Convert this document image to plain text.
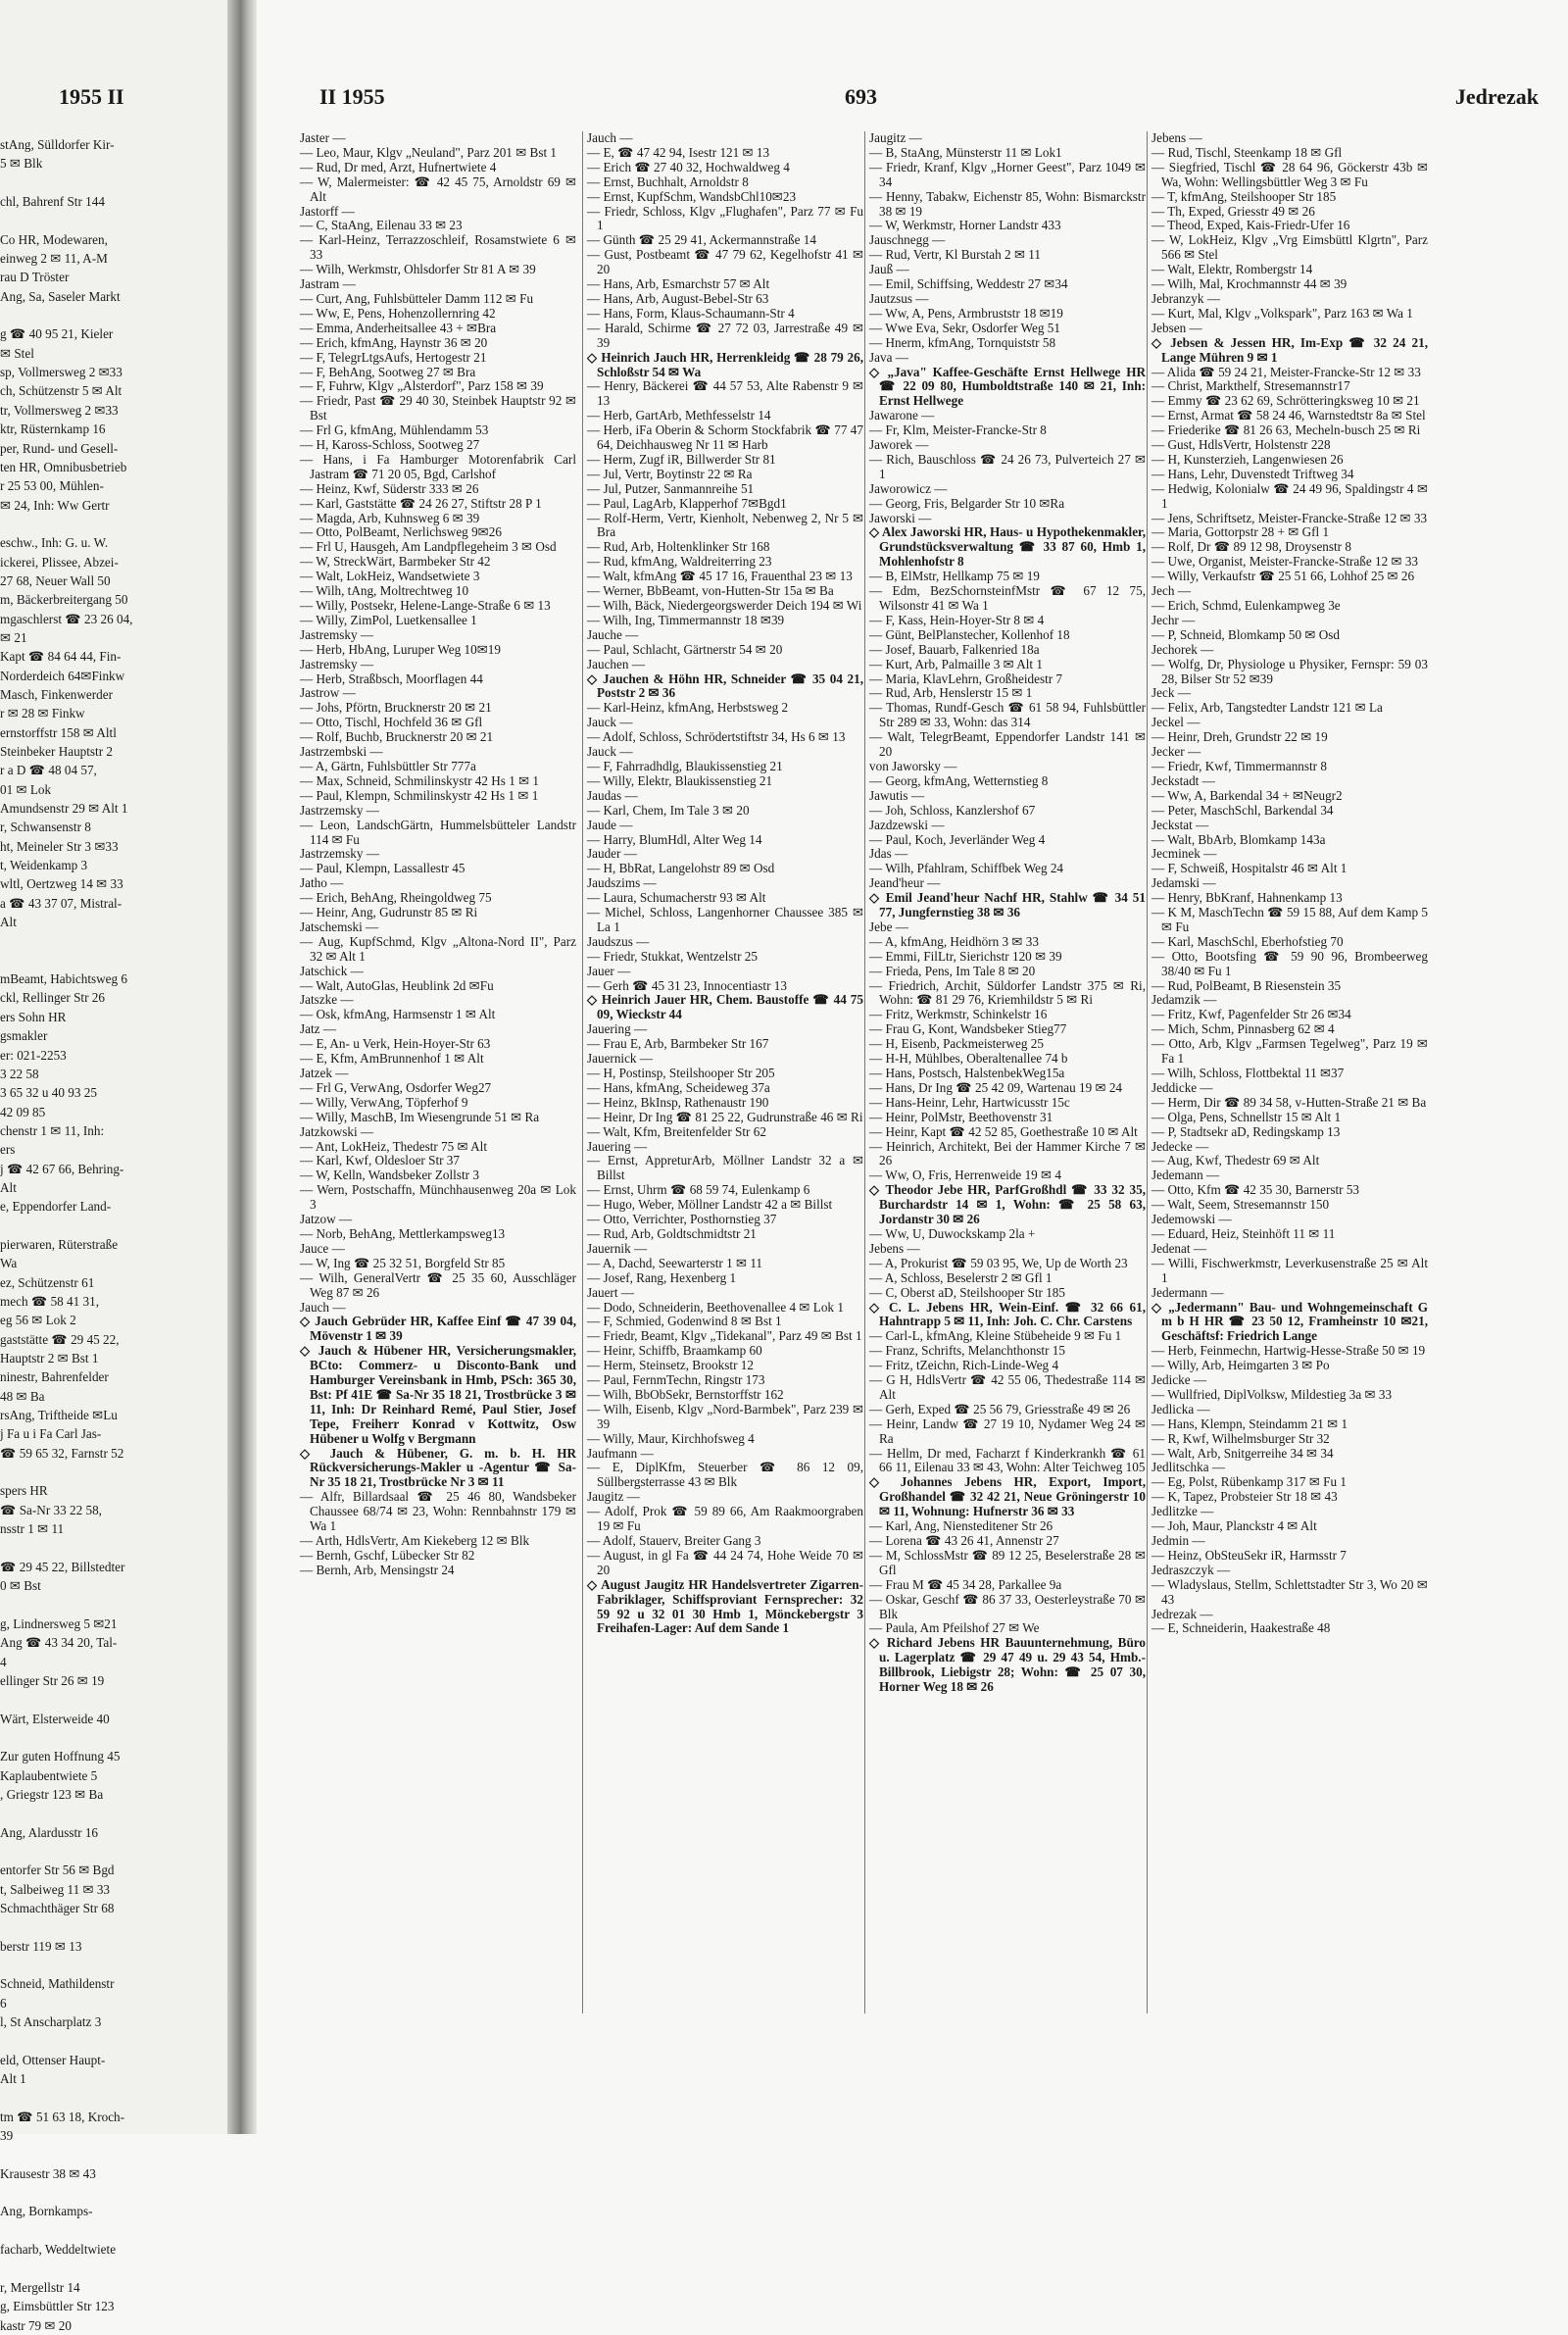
1955 II
stAng, Sülldorfer Kir-
5 ✉ Blk
chl, Bahrenf Str 144
Co HR, Modewaren,
einweg 2 ✉ 11, A-M
rau D Tröster
Ang, Sa, Saseler Markt
g ☎ 40 95 21, Kieler
✉ Stel
sp, Vollmersweg 2 ✉33
ch, Schützenstr 5 ✉ Alt
tr, Vollmersweg 2 ✉33
ktr, Rüsternkamp 16
per, Rund- und Gesell-
ten HR, Omnibusbetrieb
r 25 53 00, Mühlen-
✉ 24, Inh: Ww Gertr
eschw., Inh: G. u. W.
ickerei, Plissee, Abzei-
27 68, Neuer Wall 50
m, Bäckerbreitergang 50
mgaschlerst ☎ 23 26 04,
✉ 21
Kapt ☎ 84 64 44, Fin-
Norderdeich 64✉Finkw
Masch, Finkenwerder
r ✉ 28 ✉ Finkw
ernstorffstr 158 ✉ Altl
Steinbeker Hauptstr 2
r a D ☎ 48 04 57,
01 ✉ Lok
Amundsenstr 29 ✉ Alt 1
r, Schwansenstr 8
ht, Meineler Str 3 ✉33
t, Weidenkamp 3
wltl, Oertzweg 14 ✉ 33
a ☎ 43 37 07, Mistral-
Alt
mBeamt, Habichtsweg 6
ckl, Rellinger Str 26
ers Sohn HR
gsmakler
er: 021-2253
3 22 58
3 65 32 u 40 93 25
42 09 85
chenstr 1 ✉ 11, Inh:
ers
j ☎ 42 67 66, Behring-
Alt
e, Eppendorfer Land-
pierwaren, Rüterstraße
Wa
ez, Schützenstr 61
mech ☎ 58 41 31,
eg 56 ✉ Lok 2
gaststätte ☎ 29 45 22,
Hauptstr 2 ✉ Bst 1
ninestr, Bahrenfelder
48 ✉ Ba
rsAng, Triftheide ✉Lu
j Fa u i Fa Carl Jas-
☎ 59 65 32, Farnstr 52
spers HR
☎ Sa-Nr 33 22 58,
nsstr 1 ✉ 11
☎ 29 45 22, Billstedter
0 ✉ Bst
g, Lindnersweg 5 ✉21
Ang ☎ 43 34 20, Tal-
4
ellinger Str 26 ✉ 19
Wärt, Elsterweide 40
Zur guten Hoffnung 45
Kaplaubentwiete 5
, Griegstr 123 ✉ Ba
Ang, Alardusstr 16
entorfer Str 56 ✉ Bgd
t, Salbeiweg 11 ✉ 33
Schmachthäger Str 68
berstr 119 ✉ 13
Schneid, Mathildenstr
6
l, St Anscharplatz 3
eld, Ottenser Haupt-
Alt 1
tm ☎ 51 63 18, Kroch-
39
Krausestr 38 ✉ 43
Ang, Bornkamps-
facharb, Weddeltwiete
r, Mergellstr 14
g, Eimsbüttler Str 123
kastr 79 ✉ 20
II 1955	693	Jedrezak
Jaster —
— Leo, Maur, Klgv „Neuland", Parz 201 ✉ Bst 1
— Rud, Dr med, Arzt, Hufnertwiete 4
— W, Malermeister: ☎ 42 45 75, Arnoldstr 69 ✉ Alt
Jastorff —
— C, StaAng, Eilenau 33 ✉ 23
— Karl-Heinz, Terrazzoschleif, Rosamstwiete 6 ✉ 33
— Wilh, Werkmstr, Ohlsdorfer Str 81 A ✉ 39
Jastram —
— Curt, Ang, Fuhlsbütteler Damm 112 ✉ Fu
— Ww, E, Pens, Hohenzollernring 42
— Emma, Anderheitsallee 43 + ✉Bra
— Erich, kfmAng, Haynstr 36 ✉ 20
— F, TelegrLtgsAufs, Hertogestr 21
— F, BehAng, Sootweg 27 ✉ Bra
— F, Fuhrw, Klgv „Alsterdorf", Parz 158 ✉ 39
— Friedr, Past ☎ 29 40 30, Steinbek Hauptstr 92 ✉ Bst
— Frl G, kfmAng, Mühlendamm 53
— H, Kaross-Schloss, Sootweg 27
— Hans, i Fa Hamburger Motorenfabrik Carl Jastram ☎ 71 20 05, Bgd, Carlshof
— Heinz, Kwf, Süderstr 333 ✉ 26
— Karl, Gaststätte ☎ 24 26 27, Stiftstr 28 P 1
— Magda, Arb, Kuhnsweg 6 ✉ 39
— Otto, PolBeamt, Nerlichsweg 9✉26
— Frl U, Hausgeh, Am Landpflegeheim 3 ✉ Osd
— W, StreckWärt, Barmbeker Str 42
— Walt, LokHeiz, Wandsetwiete 3
— Wilh, tAng, Moltrechtweg 10
— Willy, Postsekr, Helene-Lange-Straße 6 ✉ 13
— Willy, ZimPol, Luetkensallee 1
Jastremsky —
— Herb, HbAng, Luruper Weg 10✉19
Jastremsky —
— Herb, Straßbsch, Moorflagen 44
Jastrow —
— Johs, Pförtn, Brucknerstr 20 ✉ 21
— Otto, Tischl, Hochfeld 36 ✉ Gfl
— Rolf, Buchb, Brucknerstr 20 ✉ 21
Jastrzembski —
— A, Gärtn, Fuhlsbüttler Str 777a
— Max, Schneid, Schmilinskystr 42 Hs 1 ✉ 1
— Paul, Klempn, Schmilinskystr 42 Hs 1 ✉ 1
Jastrzemsky —
— Leon, LandschGärtn, Hummelsbütteler Landstr 114 ✉ Fu
Jastrzemsky —
— Paul, Klempn, Lassallestr 45
Jatho —
— Erich, BehAng, Rheingoldweg 75
— Heinr, Ang, Gudrunstr 85 ✉ Ri
Jatschemski —
— Aug, KupfSchmd, Klgv „Altona-Nord II", Parz 32 ✉ Alt 1
Jatschick —
— Walt, AutoGlas, Heublink 2d ✉Fu
Jatszke —
— Osk, kfmAng, Harmsenstr 1 ✉ Alt
Jatz —
— E, An- u Verk, Hein-Hoyer-Str 63
— E, Kfm, AmBrunnenhof 1 ✉ Alt
Jatzek —
— Frl G, VerwAng, Osdorfer Weg27
— Willy, VerwAng, Töpferhof 9
— Willy, MaschB, Im Wiesengrunde 51 ✉ Ra
Jatzkowski —
— Ant, LokHeiz, Thedestr 75 ✉ Alt
— Karl, Kwf, Oldesloer Str 37
— W, Kelln, Wandsbeker Zollstr 3
— Wern, Postschaffn, Münchhausenweg 20a ✉ Lok 3
Jatzow —
— Norb, BehAng, Mettlerkampsweg13
Jauce —
— W, Ing ☎ 25 32 51, Borgfeld Str 85
— Wilh, GeneralVertr ☎ 25 35 60, Ausschläger Weg 87 ✉ 26
Jauch —
◇ Jauch Gebrüder HR, Kaffee Einf ☎ 47 39 04, Mövenstr 1 ✉ 39
◇ Jauch & Hübener HR, Versicherungsmakler, BCto: Commerz- u Disconto-Bank und Hamburger Vereinsbank in Hmb, PSch: 365 30, Bst: Pf 41E ☎ Sa-Nr 35 18 21, Trostbrücke 3 ✉ 11, Inh: Dr Reinhard Remé, Paul Stier, Josef Tepe, Freiherr Konrad v Kottwitz, Osw Hübener u Wolfg v Bergmann
◇ Jauch & Hübener, G. m. b. H. HR Rückversicherungs-Makler u -Agentur ☎ Sa-Nr 35 18 21, Trostbrücke Nr 3 ✉ 11
— Alfr, Billardsaal ☎ 25 46 80, Wandsbeker Chaussee 68/74 ✉ 23, Wohn: Rennbahnstr 179 ✉ Wa 1
— Arth, HdlsVertr, Am Kiekeberg 12 ✉ Blk
— Bernh, Gschf, Lübecker Str 82
— Bernh, Arb, Mensingstr 24
Jauch —
— E, ☎ 47 42 94, Isestr 121 ✉ 13
— Erich ☎ 27 40 32, Hochwaldweg 4
— Ernst, Buchhalt, Arnoldstr 8
— Ernst, KupfSchm, WandsbChl10✉23
— Friedr, Schloss, Klgv „Flughafen", Parz 77 ✉ Fu 1
— Günth ☎ 25 29 41, Ackermannstraße 14
— Gust, Postbeamt ☎ 47 79 62, Kegelhofstr 41 ✉ 20
— Hans, Arb, Esmarchstr 57 ✉ Alt
— Hans, Arb, August-Bebel-Str 63
— Hans, Form, Klaus-Schaumann-Str 4
— Harald, Schirme ☎ 27 72 03, Jarrestraße 49 ✉ 39
◇ Heinrich Jauch HR, Herrenkleidg ☎ 28 79 26, Schloßstr 54 ✉ Wa
— Henry, Bäckerei ☎ 44 57 53, Alte Rabenstr 9 ✉ 13
— Herb, GartArb, Methfesselstr 14
— Herb, iFa Oberin & Schorm Stockfabrik ☎ 77 47 64, Deichhausweg Nr 11 ✉ Harb
— Herm, Zugf iR, Billwerder Str 81
— Jul, Vertr, Boytinstr 22 ✉ Ra
— Jul, Putzer, Sanmannreihe 51
— Paul, LagArb, Klapperhof 7✉Bgd1
— Rolf-Herm, Vertr, Kienholt, Nebenweg 2, Nr 5 ✉ Bra
— Rud, Arb, Holtenklinker Str 168
— Rud, kfmAng, Waldreiterring 23
— Walt, kfmAng ☎ 45 17 16, Frauenthal 23 ✉ 13
— Werner, BbBeamt, von-Hutten-Str 15a ✉ Ba
— Wilh, Bäck, Niedergeorgswerder Deich 194 ✉ Wi
— Wilh, Ing, Timmermannstr 18 ✉39
Jauche —
— Paul, Schlacht, Gärtnerstr 54 ✉ 20
Jauchen —
◇ Jauchen & Höhn HR, Schneider ☎ 35 04 21, Poststr 2 ✉ 36
— Karl-Heinz, kfmAng, Herbstsweg 2
Jauck —
— Adolf, Schloss, Schrödertstiftstr 34, Hs 6 ✉ 13
Jauck —
— F, Fahrradhdlg, Blaukissenstieg 21
— Willy, Elektr, Blaukissenstieg 21
Jaudas —
— Karl, Chem, Im Tale 3 ✉ 20
Jaude —
— Harry, BlumHdl, Alter Weg 14
Jauder —
— H, BbRat, Langelohstr 89 ✉ Osd
Jaudszims —
— Laura, Schumacherstr 93 ✉ Alt
— Michel, Schloss, Langenhorner Chaussee 385 ✉ La 1
Jaudszus —
— Friedr, Stukkat, Wentzelstr 25
Jauer —
— Gerh ☎ 45 31 23, Innocentiastr 13
◇ Heinrich Jauer HR, Chem. Baustoffe ☎ 44 75 09, Wieckstr 44
Jauering —
— Frau E, Arb, Barmbeker Str 167
Jauernick —
— H, Postinsp, Steilshooper Str 205
— Hans, kfmAng, Scheideweg 37a
— Heinz, BkInsp, Rathenaustr 190
— Heinr, Dr Ing ☎ 81 25 22, Gudrunstraße 46 ✉ Ri
— Walt, Kfm, Breitenfelder Str 62
Jauering —
— Ernst, AppreturArb, Möllner Landstr 32 a ✉ Billst
— Ernst, Uhrm ☎ 68 59 74, Eulenkamp 6
— Hugo, Weber, Möllner Landstr 42 a ✉ Billst
— Otto, Verrichter, Posthornstieg 37
— Rud, Arb, Goldtschmidtstr 21
Jauernik —
— A, Dachd, Seewarterstr 1 ✉ 11
— Josef, Rang, Hexenberg 1
Jauert —
— Dodo, Schneiderin, Beethovenallee 4 ✉ Lok 1
— F, Schmied, Godenwind 8 ✉ Bst 1
— Friedr, Beamt, Klgv „Tidekanal", Parz 49 ✉ Bst 1
— Heinr, Schiffb, Braamkamp 60
— Herm, Steinsetz, Brookstr 12
— Paul, FernmTechn, Ringstr 173
— Wilh, BbObSekr, Bernstorffstr 162
— Wilh, Eisenb, Klgv „Nord-Barmbek", Parz 239 ✉ 39
— Willy, Maur, Kirchhofsweg 4
Jaufmann —
— E, DiplKfm, Steuerber ☎ 86 12 09, Süllbergsterrasse 43 ✉ Blk
Jaugitz —
— Adolf, Prok ☎ 59 89 66, Am Raakmoorgraben 19 ✉ Fu
— Adolf, Stauerv, Breiter Gang 3
— August, in gl Fa ☎ 44 24 74, Hohe Weide 70 ✉ 20
◇ August Jaugitz HR Handelsvertreter Zigarren-Fabriklager, Schiffsproviant Fernsprecher: 32 59 92 u 32 01 30 Hmb 1, Mönckebergstr 3 Freihafen-Lager: Auf dem Sande 1
Jaugitz —
— B, StaAng, Münsterstr 11 ✉ Lok1
— Friedr, Kranf, Klgv „Horner Geest", Parz 1049 ✉ 34
— Henny, Tabakw, Eichenstr 85, Wohn: Bismarckstr 38 ✉ 19
— W, Werkmstr, Horner Landstr 433
Jauschnegg —
— Rud, Vertr, Kl Burstah 2 ✉ 11
Jauß —
— Emil, Schiffsing, Weddestr 27 ✉34
Jautzsus —
— Ww, A, Pens, Armbruststr 18 ✉19
— Wwe Eva, Sekr, Osdorfer Weg 51
— Hnerm, kfmAng, Tornquiststr 58
Java —
◇ „Java" Kaffee-Geschäfte Ernst Hellwege HR ☎ 22 09 80, Humboldtstraße 140 ✉ 21, Inh: Ernst Hellwege
Jawarone —
— Fr, Klm, Meister-Francke-Str 8
Jaworek —
— Rich, Bauschloss ☎ 24 26 73, Pulverteich 27 ✉ 1
Jaworowicz —
— Georg, Fris, Belgarder Str 10 ✉Ra
Jaworski —
◇ Alex Jaworski HR, Haus- u Hypothekenmakler, Grundstücksverwaltung ☎ 33 87 60, Hmb 1, Mohlenhofstr 8
— B, ElMstr, Hellkamp 75 ✉ 19
— Edm, BezSchornsteinfMstr ☎ 67 12 75, Wilsonstr 41 ✉ Wa 1
— F, Kass, Hein-Hoyer-Str 8 ✉ 4
— Günt, BelPlanstecher, Kollenhof 18
— Josef, Bauarb, Falkenried 18a
— Kurt, Arb, Palmaille 3 ✉ Alt 1
— Maria, KlavLehrn, Großheidestr 7
— Rud, Arb, Henslerstr 15 ✉ 1
— Thomas, Rundf-Gesch ☎ 61 58 94, Fuhlsbüttler Str 289 ✉ 33, Wohn: das 314
— Walt, TelegrBeamt, Eppendorfer Landstr 141 ✉ 20
von Jaworsky —
— Georg, kfmAng, Wetternstieg 8
Jawutis —
— Joh, Schloss, Kanzlershof 67
Jazdzewski —
— Paul, Koch, Jeverländer Weg 4
Jdas —
— Wilh, Pfahlram, Schiffbek Weg 24
Jeand'heur —
◇ Emil Jeand'heur Nachf HR, Stahlw ☎ 34 51 77, Jungfernstieg 38 ✉ 36
Jebe —
— A, kfmAng, Heidhörn 3 ✉ 33
— Emmi, FilLtr, Sierichstr 120 ✉ 39
— Frieda, Pens, Im Tale 8 ✉ 20
— Friedrich, Archit, Süldorfer Landstr 375 ✉ Ri, Wohn: ☎ 81 29 76, Kriemhildstr 5 ✉ Ri
— Fritz, Werkmstr, Schinkelstr 16
— Frau G, Kont, Wandsbeker Stieg77
— H, Eisenb, Packmeisterweg 25
— H-H, Mühlbes, Oberaltenallee 74 b
— Hans, Postsch, HalstenbekWeg15a
— Hans, Dr Ing ☎ 25 42 09, Wartenau 19 ✉ 24
— Hans-Heinr, Lehr, Hartwicusstr 15c
— Heinr, PolMstr, Beethovenstr 31
— Heinr, Kapt ☎ 42 52 85, Goethestraße 10 ✉ Alt
— Heinrich, Architekt, Bei der Hammer Kirche 7 ✉ 26
— Ww, O, Fris, Herrenweide 19 ✉ 4
◇ Theodor Jebe HR, ParfGroßhdl ☎ 33 32 35, Burchardstr 14 ✉ 1, Wohn: ☎ 25 58 63, Jordanstr 30 ✉ 26
— Ww, U, Duwockskamp 2la +
Jebens —
— A, Prokurist ☎ 59 03 95, We, Up de Worth 23
— A, Schloss, Beselerstr 2 ✉ Gfl 1
— C, Oberst aD, Steilshooper Str 185
◇ C. L. Jebens HR, Wein-Einf. ☎ 32 66 61, Hahntrapp 5 ✉ 11, Inh: Joh. C. Chr. Carstens
— Carl-L, kfmAng, Kleine Stübeheide 9 ✉ Fu 1
— Franz, Schrifts, Melanchthonstr 15
— Fritz, tZeichn, Rich-Linde-Weg 4
— G H, HdlsVertr ☎ 42 55 06, Thedestraße 114 ✉ Alt
— Gerh, Exped ☎ 25 56 79, Griesstraße 49 ✉ 26
— Heinr, Landw ☎ 27 19 10, Nydamer Weg 24 ✉ Ra
— Hellm, Dr med, Facharzt f Kinderkrankh ☎ 61 66 11, Eilenau 33 ✉ 43, Wohn: Alter Teichweg 105
◇ Johannes Jebens HR, Export, Import, Großhandel ☎ 32 42 21, Neue Gröningerstr 10 ✉ 11, Wohnung: Hufnerstr 36 ✉ 33
— Karl, Ang, Niensteditener Str 26
— Lorena ☎ 43 26 41, Annenstr 27
— M, SchlossMstr ☎ 89 12 25, Beselerstraße 28 ✉ Gfl
— Frau M ☎ 45 34 28, Parkallee 9a
— Oskar, Geschf ☎ 86 37 33, Oesterleystraße 70 ✉ Blk
— Paula, Am Pfeilshof 27 ✉ We
◇ Richard Jebens HR Bauunternehmung, Büro u. Lagerplatz ☎ 29 47 49 u. 29 43 54, Hmb.-Billbrook, Liebigstr 28; Wohn: ☎ 25 07 30, Horner Weg 18 ✉ 26
Jebens —
— Rud, Tischl, Steenkamp 18 ✉ Gfl
— Siegfried, Tischl ☎ 28 64 96, Göckerstr 43b ✉ Wa, Wohn: Wellingsbüttler Weg 3 ✉ Fu
— T, kfmAng, Steilshooper Str 185
— Th, Exped, Griesstr 49 ✉ 26
— Theod, Exped, Kais-Friedr-Ufer 16
— W, LokHeiz, Klgv „Vrg Eimsbüttl Klgrtn", Parz 566 ✉ Stel
— Walt, Elektr, Rombergstr 14
— Wilh, Mal, Krochmannstr 44 ✉ 39
Jebranzyk —
— Kurt, Mal, Klgv „Volkspark", Parz 163 ✉ Wa 1
Jebsen —
◇ Jebsen & Jessen HR, Im-Exp ☎ 32 24 21, Lange Mühren 9 ✉ 1
— Alida ☎ 59 24 21, Meister-Francke-Str 12 ✉ 33
— Christ, Markthelf, Stresemannstr17
— Emmy ☎ 23 62 69, Schrötteringksweg 10 ✉ 21
— Ernst, Armat ☎ 58 24 46, Warnstedtstr 8a ✉ Stel
— Friederike ☎ 81 26 63, Mecheln-busch 25 ✉ Ri
— Gust, HdlsVertr, Holstenstr 228
— H, Kunsterzieh, Langenwiesen 26
— Hans, Lehr, Duvenstedt Triftweg 34
— Hedwig, Kolonialw ☎ 24 49 96, Spaldingstr 4 ✉ 1
— Jens, Schriftsetz, Meister-Francke-Straße 12 ✉ 33
— Maria, Gottorpstr 28 + ✉ Gfl 1
— Rolf, Dr ☎ 89 12 98, Droysenstr 8
— Uwe, Organist, Meister-Francke-Straße 12 ✉ 33
— Willy, Verkaufstr ☎ 25 51 66, Lohhof 25 ✉ 26
Jech —
— Erich, Schmd, Eulenkampweg 3e
Jechr —
— P, Schneid, Blomkamp 50 ✉ Osd
Jechorek —
— Wolfg, Dr, Physiologe u Physiker, Fernspr: 59 03 28, Bilser Str 52 ✉39
Jeck —
— Felix, Arb, Tangstedter Landstr 121 ✉ La
Jeckel —
— Heinr, Dreh, Grundstr 22 ✉ 19
Jecker —
— Friedr, Kwf, Timmermannstr 8
Jeckstadt —
— Ww, A, Barkendal 34 + ✉Neugr2
— Peter, MaschSchl, Barkendal 34
Jeckstat —
— Walt, BbArb, Blomkamp 143a
Jecminek —
— F, Schweiß, Hospitalstr 46 ✉ Alt 1
Jedamski —
— Henry, BbKranf, Hahnenkamp 13
— K M, MaschTechn ☎ 59 15 88, Auf dem Kamp 5 ✉ Fu
— Karl, MaschSchl, Eberhofstieg 70
— Otto, Bootsfing ☎ 59 90 96, Brombeerweg 38/40 ✉ Fu 1
— Rud, PolBeamt, B Riesenstein 35
Jedamzik —
— Fritz, Kwf, Pagenfelder Str 26 ✉34
— Mich, Schm, Pinnasberg 62 ✉ 4
— Otto, Arb, Klgv „Farmsen Tegelweg", Parz 19 ✉ Fa 1
— Wilh, Schloss, Flottbektal 11 ✉37
Jeddicke —
— Herm, Dir ☎ 89 34 58, v-Hutten-Straße 21 ✉ Ba
— Olga, Pens, Schnellstr 15 ✉ Alt 1
— P, Stadtsekr aD, Redingskamp 13
Jedecke —
— Aug, Kwf, Thedestr 69 ✉ Alt
Jedemann —
— Otto, Kfm ☎ 42 35 30, Barnerstr 53
— Walt, Seem, Stresemannstr 150
Jedemowski —
— Eduard, Heiz, Steinhöft 11 ✉ 11
Jedenat —
— Willi, Fischwerkmstr, Leverkusenstraße 25 ✉ Alt 1
Jedermann —
◇ „Jedermann" Bau- und Wohngemeinschaft G m b H HR ☎ 23 50 12, Framheinstr 10 ✉21, Geschäftsf: Friedrich Lange
— Herb, Feinmechn, Hartwig-Hesse-Straße 50 ✉ 19
— Willy, Arb, Heimgarten 3 ✉ Po
Jedicke —
— Wullfried, DiplVolksw, Mildestieg 3a ✉ 33
Jedlicka —
— Hans, Klempn, Steindamm 21 ✉ 1
— R, Kwf, Wilhelmsburger Str 32
— Walt, Arb, Snitgerreihe 34 ✉ 34
Jedlitschka —
— Eg, Polst, Rübenkamp 317 ✉ Fu 1
— K, Tapez, Probsteier Str 18 ✉ 43
Jedlitzke —
— Joh, Maur, Planckstr 4 ✉ Alt
Jedmin —
— Heinz, ObSteuSekr iR, Harmsstr 7
Jedraszczyk —
— Wladyslaus, Stellm, Schlettstadter Str 3, Wo 20 ✉ 43
Jedrezak —
— E, Schneiderin, Haakestraße 48
